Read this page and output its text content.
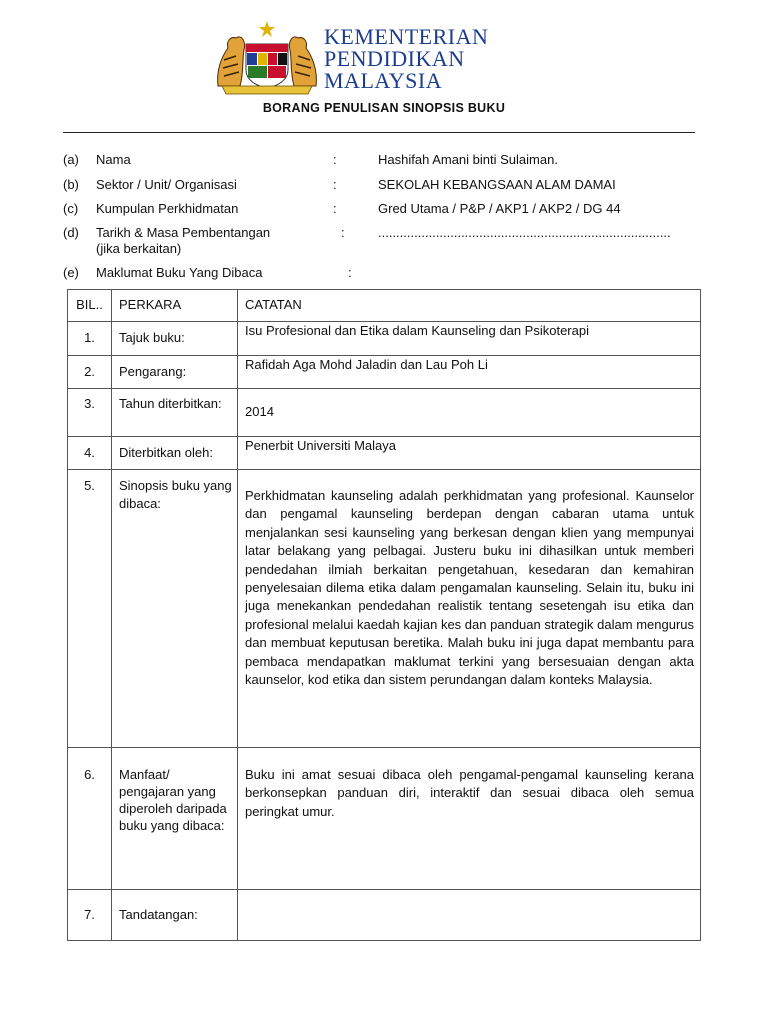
KEMENTERIAN
PENDIDIKAN
MALAYSIA
BORANG PENULISAN SINOPSIS BUKU
(a) Nama	:	Hashifah Amani binti Sulaiman.
(b) Sektor / Unit/ Organisasi	:	SEKOLAH KEBANGSAAN ALAM DAMAI
(c) Kumpulan Perkhidmatan	:	Gred Utama / P&P / AKP1 / AKP2 / DG 44
(d) Tarikh & Masa Pembentangan	:	.................................................................................
(jika berkaitan)
(e) Maklumat Buku Yang Dibaca	:
BIL..	PERKARA	CATATAN
1.	Tajuk buku:	Isu Profesional dan Etika dalam Kaunseling dan Psikoterapi
2.	Pengarang:	Rafidah Aga Mohd Jaladin dan Lau Poh Li
3.	Tahun diterbitkan:	2014
4.	Diterbitkan oleh:	Penerbit Universiti Malaya
5.	Sinopsis buku yang dibaca:	Perkhidmatan kaunseling adalah perkhidmatan yang profesional. Kaunselor dan pengamal kaunseling berdepan dengan cabaran utama untuk menjalankan sesi kaunseling yang berkesan dengan klien yang mempunyai latar belakang yang pelbagai. Justeru buku ini dihasilkan untuk memberi pendedahan ilmiah berkaitan pengetahuan, kesedaran dan kemahiran penyelesaian dilema etika dalam pengamalan kaunseling. Selain itu, buku ini juga menekankan pendedahan realistik tentang sesetengah isu etika dan profesional melalui kaedah kajian kes dan panduan strategik dalam mengurus dan membuat keputusan beretika. Malah buku ini juga dapat membantu para pembaca mendapatkan maklumat terkini yang bersesuaian dengan akta kaunselor, kod etika dan sistem perundangan dalam konteks Malaysia.
6.	Manfaat/ pengajaran yang diperoleh daripada buku yang dibaca:	Buku ini amat sesuai dibaca oleh pengamal-pengamal kaunseling kerana berkonsepkan panduan diri, interaktif dan sesuai dibaca oleh semua peringkat umur.
7.	Tandatangan:	
